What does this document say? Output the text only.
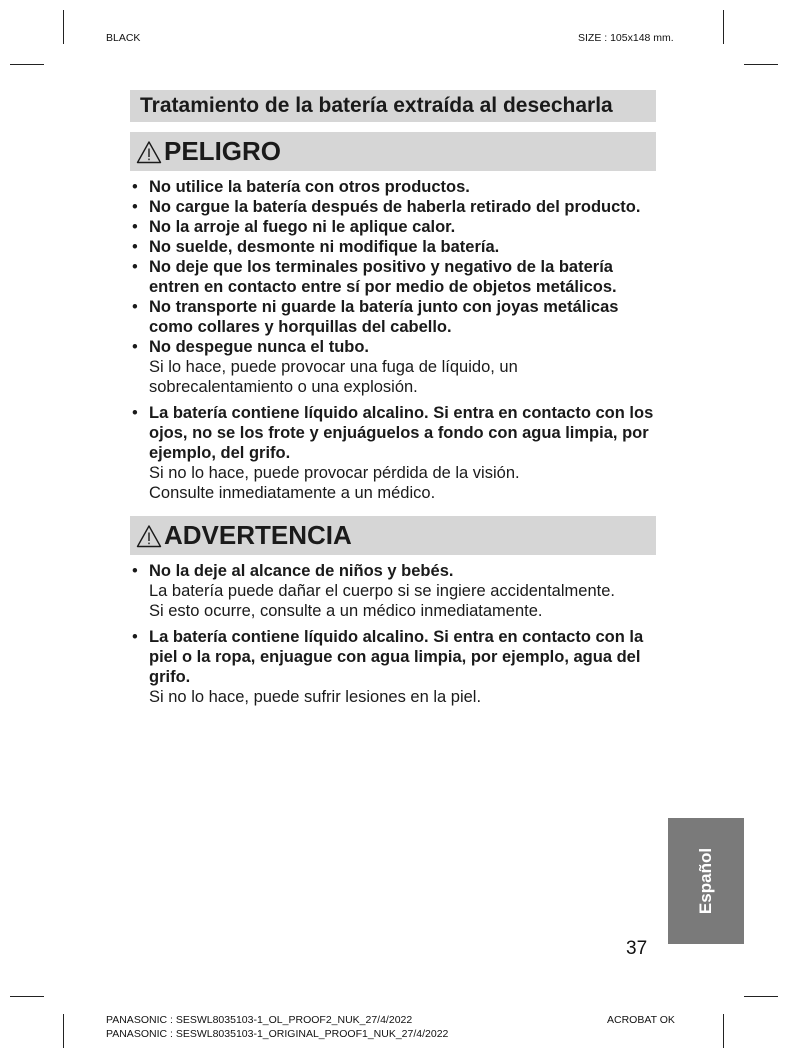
BLACK	SIZE : 105x148 mm.
Tratamiento de la batería extraída al desecharla
PELIGRO
• No utilice la batería con otros productos.
• No cargue la batería después de haberla retirado del producto.
• No la arroje al fuego ni le aplique calor.
• No suelde, desmonte ni modifique la batería.
• No deje que los terminales positivo y negativo de la batería entren en contacto entre sí por medio de objetos metálicos.
• No transporte ni guarde la batería junto con joyas metálicas como collares y horquillas del cabello.
• No despegue nunca el tubo.
Si lo hace, puede provocar una fuga de líquido, un sobrecalentamiento o una explosión.
• La batería contiene líquido alcalino. Si entra en contacto con los ojos, no se los frote y enjuáguelos a fondo con agua limpia, por ejemplo, del grifo.
Si no lo hace, puede provocar pérdida de la visión.
Consulte inmediatamente a un médico.
ADVERTENCIA
• No la deje al alcance de niños y bebés.
La batería puede dañar el cuerpo si se ingiere accidentalmente.
Si esto ocurre, consulte a un médico inmediatamente.
• La batería contiene líquido alcalino. Si entra en contacto con la piel o la ropa, enjuague con agua limpia, por ejemplo, agua del grifo.
Si no lo hace, puede sufrir lesiones en la piel.
Español
37
PANASONIC : SESWL8035103-1_OL_PROOF2_NUK_27/4/2022
PANASONIC : SESWL8035103-1_ORIGINAL_PROOF1_NUK_27/4/2022
ACROBAT OK
